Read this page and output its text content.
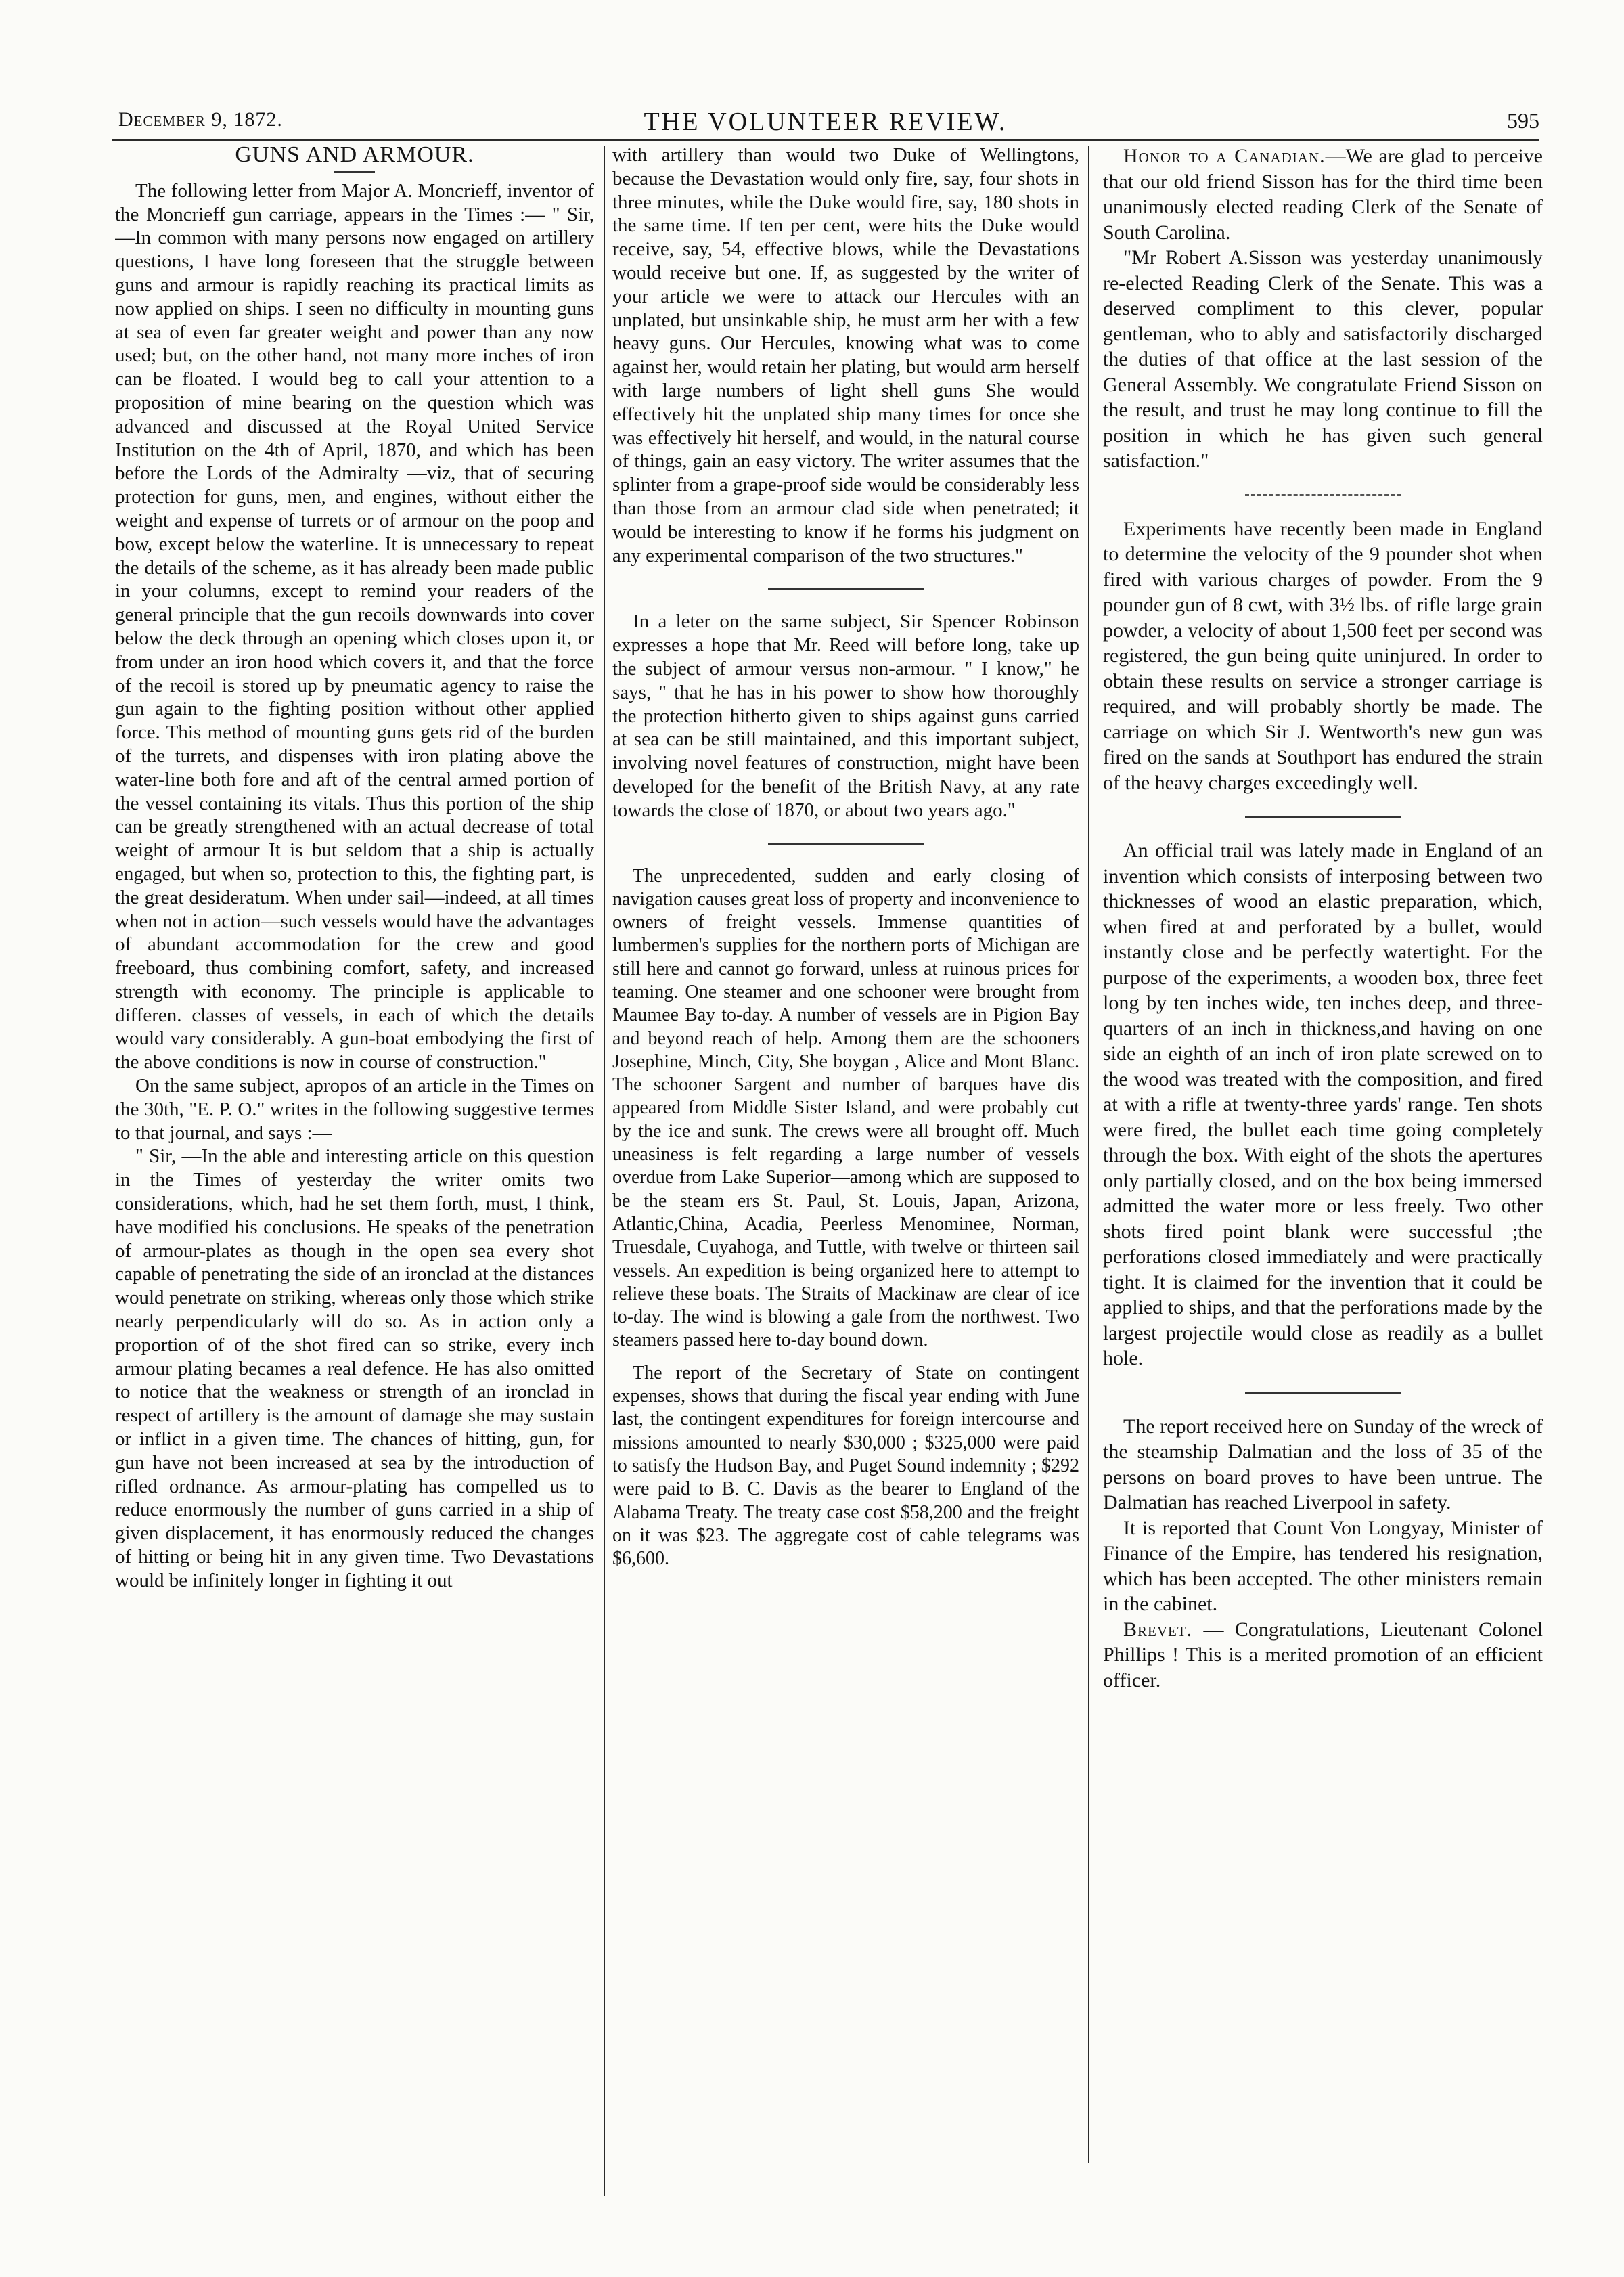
December 9, 1872.	THE VOLUNTEER REVIEW.	595

GUNS AND ARMOUR.

The following letter from Major A. Moncrieff, inventor of the Moncrieff gun carriage, appears in the Times :— " Sir, —In common with many persons now engaged on artillery questions, I have long foreseen that the struggle between guns and armour is rapidly reaching its practical limits as now applied on ships. I seen no difficulty in mounting guns at sea of even far greater weight and power than any now used; but, on the other hand, not many more inches of iron can be floated. I would beg to call your attention to a proposition of mine bearing on the question which was advanced and discussed at the Royal United Service Institution on the 4th of April, 1870, and which has been before the Lords of the Admiralty —viz, that of securing protection for guns, men, and engines, without either the weight and expense of turrets or of armour on the poop and bow, except below the waterline. It is unnecessary to repeat the details of the scheme, as it has already been made public in your columns, except to remind your readers of the general principle that the gun recoils downwards into cover below the deck through an opening which closes upon it, or from under an iron hood which covers it, and that the force of the recoil is stored up by pneumatic agency to raise the gun again to the fighting position without other applied force. This method of mounting guns gets rid of the burden of the turrets, and dispenses with iron plating above the water-line both fore and aft of the central armed portion of the vessel containing its vitals. Thus this portion of the ship can be greatly strengthened with an actual decrease of total weight of armour It is but seldom that a ship is actually engaged, but when so, protection to this, the fighting part, is the great desideratum. When under sail—indeed, at all times when not in action—such vessels would have the advantages of abundant accommodation for the crew and good freeboard, thus combining comfort, safety, and increased strength with economy. The principle is applicable to differen. classes of vessels, in each of which the details would vary considerably. A gun-boat embodying the first of the above conditions is now in course of construction."

On the same subject, apropos of an article in the Times on the 30th, "E. P. O." writes in the following suggestive termes to that journal, and says :—

" Sir, —In the able and interesting article on this question in the Times of yesterday the writer omits two considerations, which, had he set them forth, must, I think, have modified his conclusions. He speaks of the penetration of armour-plates as though in the open sea every shot capable of penetrating the side of an ironclad at the distances would penetrate on striking, whereas only those which strike nearly perpendicularly will do so. As in action only a proportion of of the shot fired can so strike, every inch armour plating becames a real defence. He has also omitted to notice that the weakness or strength of an ironclad in respect of artillery is the amount of damage she may sustain or inflict in a given time. The chances of hitting, gun, for gun have not been increased at sea by the introduction of rifled ordnance. As armour-plating has compelled us to reduce enormously the number of guns carried in a ship of given displacement, it has enormously reduced the changes of hitting or being hit in any given time. Two Devastations would be infinitely longer in fighting it out

with artillery than would two Duke of Wellingtons, because the Devastation would only fire, say, four shots in three minutes, while the Duke would fire, say, 180 shots in the same time. If ten per cent, were hits the Duke would receive, say, 54, effective blows, while the Devastations would receive but one. If, as suggested by the writer of your article we were to attack our Hercules with an unplated, but unsinkable ship, he must arm her with a few heavy guns. Our Hercules, knowing what was to come against her, would retain her plating, but would arm herself with large numbers of light shell guns She would effectively hit the unplated ship many times for once she was effectively hit herself, and would, in the natural course of things, gain an easy victory. The writer assumes that the splinter from a grape-proof side would be considerably less than those from an armour clad side when penetrated; it would be interesting to know if he forms his judgment on any experimental comparison of the two structures."

In a leter on the same subject, Sir Spencer Robinson expresses a hope that Mr. Reed will before long, take up the subject of armour versus non-armour. " I know," he says, " that he has in his power to show how thoroughly the protection hitherto given to ships against guns carried at sea can be still maintained, and this important subject, involving novel features of construction, might have been developed for the benefit of the British Navy, at any rate towards the close of 1870, or about two years ago."

The unprecedented, sudden and early closing of navigation causes great loss of property and inconvenience to owners of freight vessels. Immense quantities of lumbermen's supplies for the northern ports of Michigan are still here and cannot go forward, unless at ruinous prices for teaming. One steamer and one schooner were brought from Maumee Bay to-day. A number of vessels are in Pigion Bay and beyond reach of help. Among them are the schooners Josephine, Minch, City, She boygan , Alice and Mont Blanc. The schooner Sargent and number of barques have dis appeared from Middle Sister Island, and were probably cut by the ice and sunk. The crews were all brought off. Much uneasiness is felt regarding a large number of vessels overdue from Lake Superior—among which are supposed to be the steam ers St. Paul, St. Louis, Japan, Arizona, Atlantic,China, Acadia, Peerless Menominee, Norman, Truesdale, Cuyahoga, and Tuttle, with twelve or thirteen sail vessels. An expedition is being organized here to attempt to relieve these boats. The Straits of Mackinaw are clear of ice to-day. The wind is blowing a gale from the northwest. Two steamers passed here to-day bound down.

The report of the Secretary of State on contingent expenses, shows that during the fiscal year ending with June last, the contingent expenditures for foreign intercourse and missions amounted to nearly $30,000 ; $325,000 were paid to satisfy the Hudson Bay, and Puget Sound indemnity ; $292 were paid to B. C. Davis as the bearer to England of the Alabama Treaty. The treaty case cost $58,200 and the freight on it was $23. The aggregate cost of cable telegrams was $6,600.

Honor to a Canadian.—We are glad to perceive that our old friend Sisson has for the third time been unanimously elected reading Clerk of the Senate of South Carolina.

"Mr Robert A.Sisson was yesterday unanimously re-elected Reading Clerk of the Senate. This was a deserved compliment to this clever, popular gentleman, who to ably and satisfactorily discharged the duties of that office at the last session of the General Assembly. We congratulate Friend Sisson on the result, and trust he may long continue to fill the position in which he has given such general satisfaction."

Experiments have recently been made in England to determine the velocity of the 9 pounder shot when fired with various charges of powder. From the 9 pounder gun of 8 cwt, with 3½ lbs. of rifle large grain powder, a velocity of about 1,500 feet per second was registered, the gun being quite uninjured. In order to obtain these results on service a stronger carriage is required, and will probably shortly be made. The carriage on which Sir J. Wentworth's new gun was fired on the sands at Southport has endured the strain of the heavy charges exceedingly well.

An official trail was lately made in England of an invention which consists of interposing between two thicknesses of wood an elastic preparation, which, when fired at and perforated by a bullet, would instantly close and be perfectly watertight. For the purpose of the experiments, a wooden box, three feet long by ten inches wide, ten inches deep, and three-quarters of an inch in thickness,and having on one side an eighth of an inch of iron plate screwed on to the wood was treated with the composition, and fired at with a rifle at twenty-three yards' range. Ten shots were fired, the bullet each time going completely through the box. With eight of the shots the apertures only partially closed, and on the box being immersed admitted the water more or less freely. Two other shots fired point blank were successful ;the perforations closed immediately and were practically tight. It is claimed for the invention that it could be applied to ships, and that the perforations made by the largest projectile would close as readily as a bullet hole.

The report received here on Sunday of the wreck of the steamship Dalmatian and the loss of 35 of the persons on board proves to have been untrue. The Dalmatian has reached Liverpool in safety.

It is reported that Count Von Longyay, Minister of Finance of the Empire, has tendered his resignation, which has been accepted. The other ministers remain in the cabinet.

Brevet. — Congratulations, Lieutenant Colonel Phillips ! This is a merited promotion of an efficient officer.
